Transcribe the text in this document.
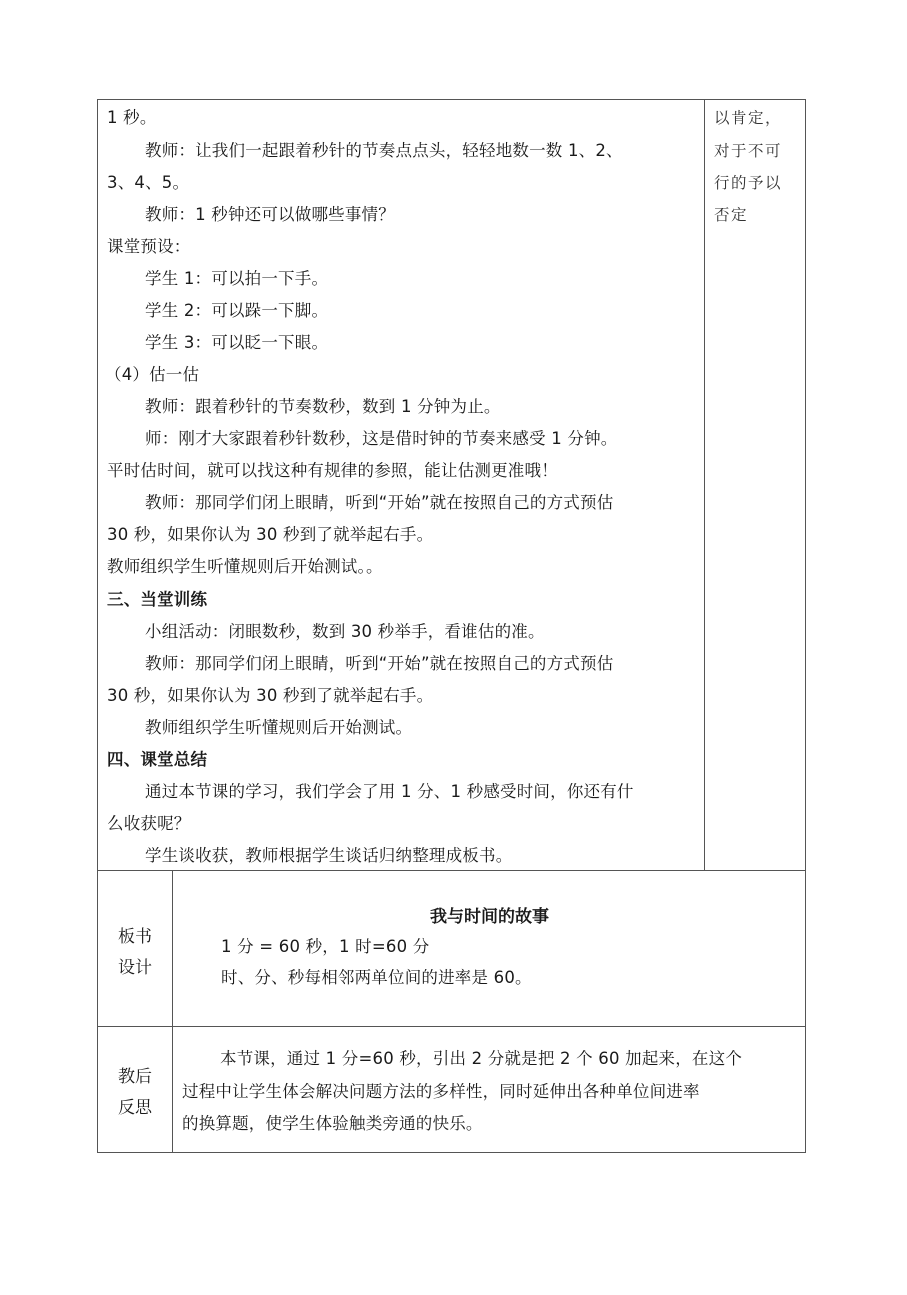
1 秒。
教师：让我们一起跟着秒针的节奏点点头，轻轻地数一数 1、2、
3、4、5。
教师：1 秒钟还可以做哪些事情？
课堂预设：
学生 1：可以拍一下手。
学生 2：可以跺一下脚。
学生 3：可以眨一下眼。
（4）估一估
教师：跟着秒针的节奏数秒，数到 1 分钟为止。
师：刚才大家跟着秒针数秒，这是借时钟的节奏来感受 1 分钟。
平时估时间，就可以找这种有规律的参照，能让估测更准哦！
教师：那同学们闭上眼睛，听到“开始”就在按照自己的方式预估
30 秒，如果你认为 30 秒到了就举起右手。
教师组织学生听懂规则后开始测试。。
三、当堂训练
小组活动：闭眼数秒，数到 30 秒举手，看谁估的准。
教师：那同学们闭上眼睛，听到“开始”就在按照自己的方式预估
30 秒，如果你认为 30 秒到了就举起右手。
教师组织学生听懂规则后开始测试。
四、课堂总结
通过本节课的学习，我们学会了用 1 分、1 秒感受时间，你还有什
么收获呢？
学生谈收获，教师根据学生谈话归纳整理成板书。
以肯定，
对于不可
行的予以
否定
板书
设计
我与时间的故事
1 分 = 60 秒，1 时=60 分
时、分、秒每相邻两单位间的进率是 60。
教后
反思
本节课，通过 1 分=60 秒，引出 2 分就是把 2 个 60 加起来，在这个
过程中让学生体会解决问题方法的多样性，同时延伸出各种单位间进率
的换算题，使学生体验触类旁通的快乐。
